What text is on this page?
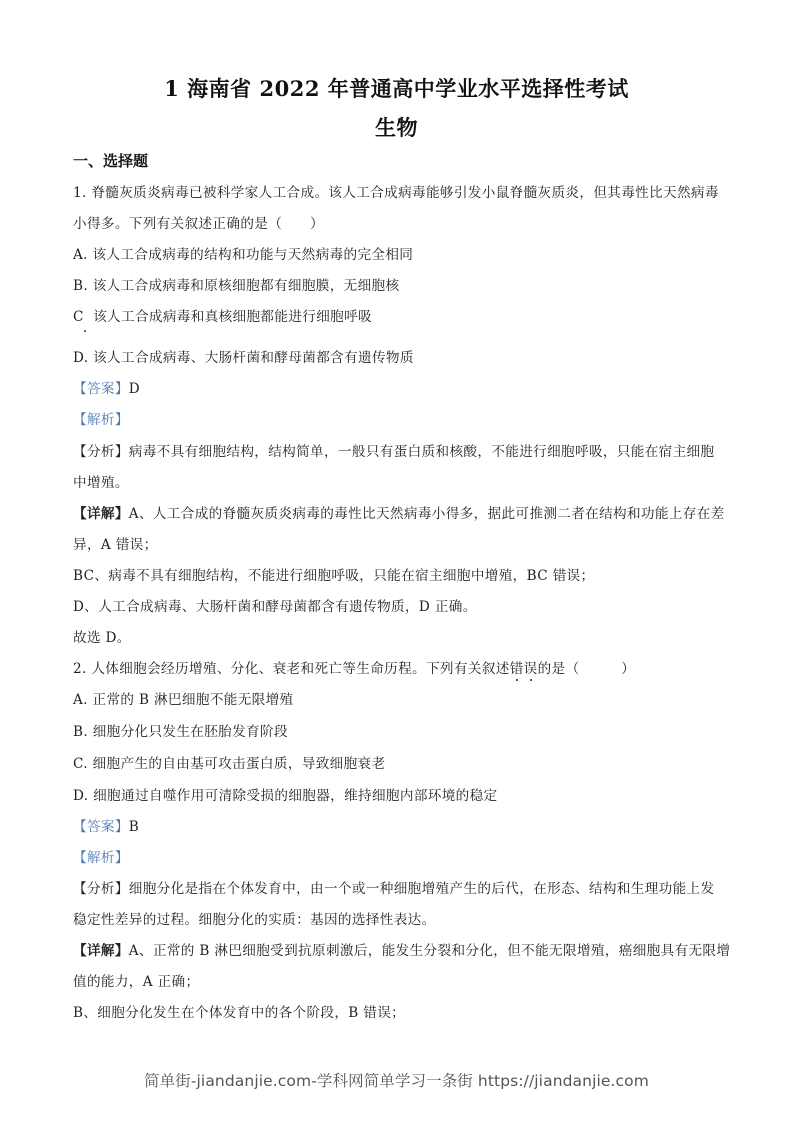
1 海南省 2022 年普通高中学业水平选择性考试
生物
一、选择题
1. 脊髓灰质炎病毒已被科学家人工合成。该人工合成病毒能够引发小鼠脊髓灰质炎，但其毒性比天然病毒
小得多。下列有关叙述正确的是（　　）
A. 该人工合成病毒的结构和功能与天然病毒的完全相同
B. 该人工合成病毒和原核细胞都有细胞膜，无细胞核
C 该人工合成病毒和真核细胞都能进行细胞呼吸
D. 该人工合成病毒、大肠杆菌和酵母菌都含有遗传物质
【答案】D
【解析】
【分析】病毒不具有细胞结构，结构简单，一般只有蛋白质和核酸，不能进行细胞呼吸，只能在宿主细胞
中增殖。
【详解】A、人工合成的脊髓灰质炎病毒的毒性比天然病毒小得多，据此可推测二者在结构和功能上存在差
异，A 错误；
BC、病毒不具有细胞结构，不能进行细胞呼吸，只能在宿主细胞中增殖，BC 错误；
D、人工合成病毒、大肠杆菌和酵母菌都含有遗传物质，D 正确。
故选 D。
2. 人体细胞会经历增殖、分化、衰老和死亡等生命历程。下列有关叙述错误的是（　　　）
A. 正常的 B 淋巴细胞不能无限增殖
B. 细胞分化只发生在胚胎发育阶段
C. 细胞产生的自由基可攻击蛋白质，导致细胞衰老
D. 细胞通过自噬作用可清除受损的细胞器，维持细胞内部环境的稳定
【答案】B
【解析】
【分析】细胞分化是指在个体发育中，由一个或一种细胞增殖产生的后代，在形态、结构和生理功能上发
稳定性差异的过程。细胞分化的实质：基因的选择性表达。
【详解】A、正常的 B 淋巴细胞受到抗原刺激后，能发生分裂和分化，但不能无限增殖，癌细胞具有无限增
值的能力，A 正确；
B、细胞分化发生在个体发育中的各个阶段，B 错误；
简单街-jiandanjie.com-学科网简单学习一条街 https://jiandanjie.com
